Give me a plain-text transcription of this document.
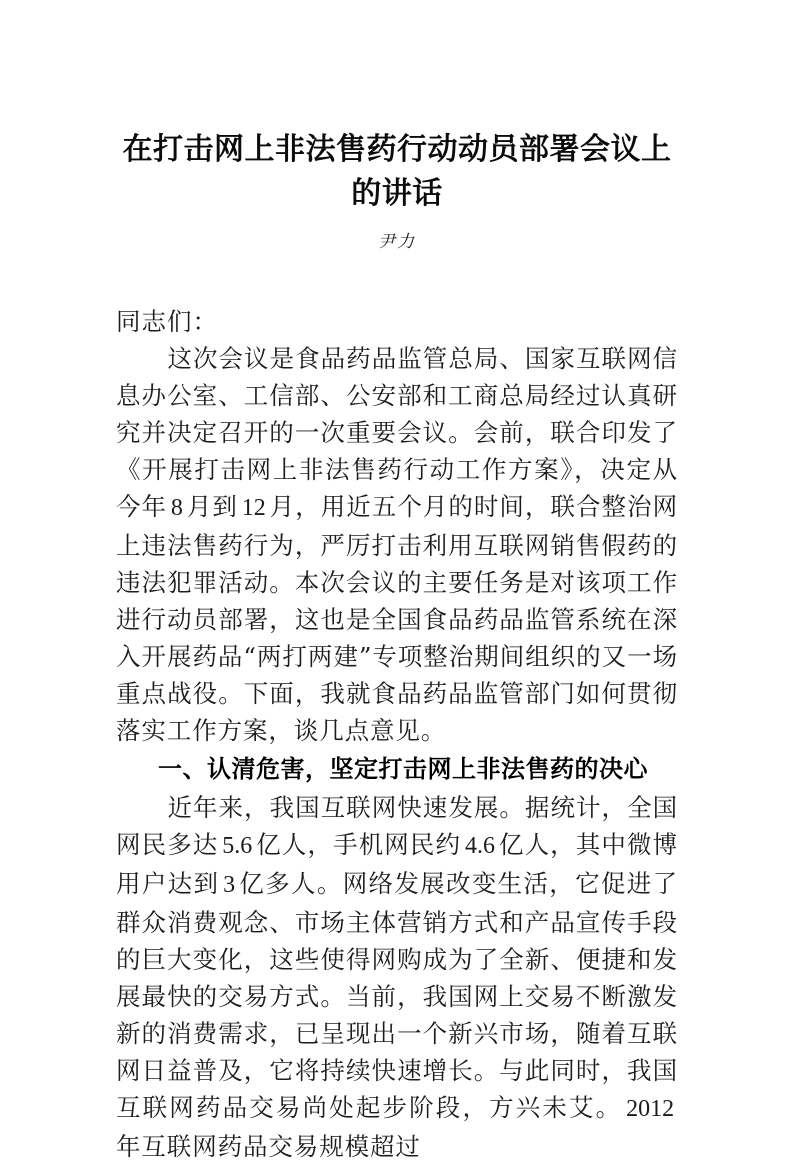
在打击网上非法售药行动动员部署会议上
的讲话
尹力

同志们：

这次会议是食品药品监管总局、国家互联网信息办公室、工信部、公安部和工商总局经过认真研究并决定召开的一次重要会议。会前，联合印发了《开展打击网上非法售药行动工作方案》，决定从今年 8 月到 12 月，用近五个月的时间，联合整治网上违法售药行为，严厉打击利用互联网销售假药的违法犯罪活动。本次会议的主要任务是对该项工作进行动员部署，这也是全国食品药品监管系统在深入开展药品“两打两建”专项整治期间组织的又一场重点战役。下面，我就食品药品监管部门如何贯彻落实工作方案，谈几点意见。

一、认清危害，坚定打击网上非法售药的决心

近年来，我国互联网快速发展。据统计，全国网民多达 5.6 亿人，手机网民约 4.6 亿人，其中微博用户达到 3 亿多人。网络发展改变生活，它促进了群众消费观念、市场主体营销方式和产品宣传手段的巨大变化，这些使得网购成为了全新、便捷和发展最快的交易方式。当前，我国网上交易不断激发新的消费需求，已呈现出一个新兴市场，随着互联网日益普及，它将持续快速增长。与此同时，我国互联网药品交易尚处起步阶段，方兴未艾。 2012年互联网药品交易规模超过
